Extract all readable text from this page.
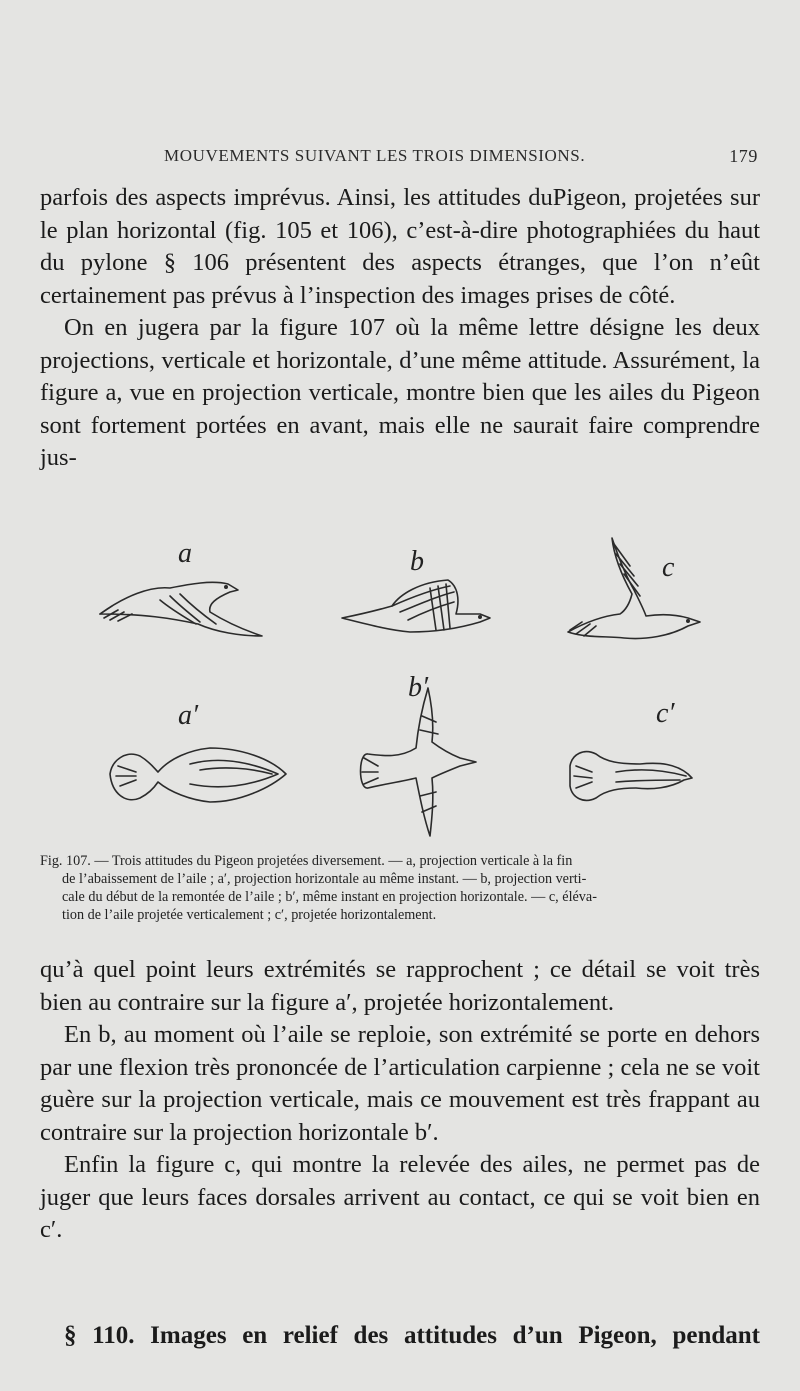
MOUVEMENTS SUIVANT LES TROIS DIMENSIONS.	179

parfois des aspects imprévus. Ainsi, les attitudes duPigeon, projetées sur le plan horizontal (fig. 105 et 106), c’est-à-dire photographiées du haut du pylone § 106 présentent des aspects étranges, que l’on n’eût certainement pas prévus à l’inspection des images prises de côté.

On en jugera par la figure 107 où la même lettre désigne les deux projections, verticale et horizontale, d’une même attitude. Assurément, la figure a, vue en projection verticale, montre bien que les ailes du Pigeon sont fortement portées en avant, mais elle ne saurait faire comprendre jus-

a	b	c
a′
b′
c′
Fig. 107. — Trois attitudes du Pigeon projetées diversement. — a, projection verticale à la fin
de l’abaissement de l’aile ; a′, projection horizontale au même instant. — b, projection verti-
cale du début de la remontée de l’aile ; b′, même instant en projection horizontale. — c, éléva-
tion de l’aile projetée verticalement ; c′, projetée horizontalement.

qu’à quel point leurs extrémités se rapprochent ; ce détail se voit très bien au contraire sur la figure a′, projetée horizontalement.

En b, au moment où l’aile se reploie, son extrémité se porte en dehors par une flexion très prononcée de l’articulation carpienne ; cela ne se voit guère sur la projection verticale, mais ce mouvement est très frappant au contraire sur la projection horizontale b′.

Enfin la figure c, qui montre la relevée des ailes, ne permet pas de juger que leurs faces dorsales arrivent au contact, ce qui se voit bien en c′.

§ 110. Images en relief des attitudes d’un Pigeon, pendant
